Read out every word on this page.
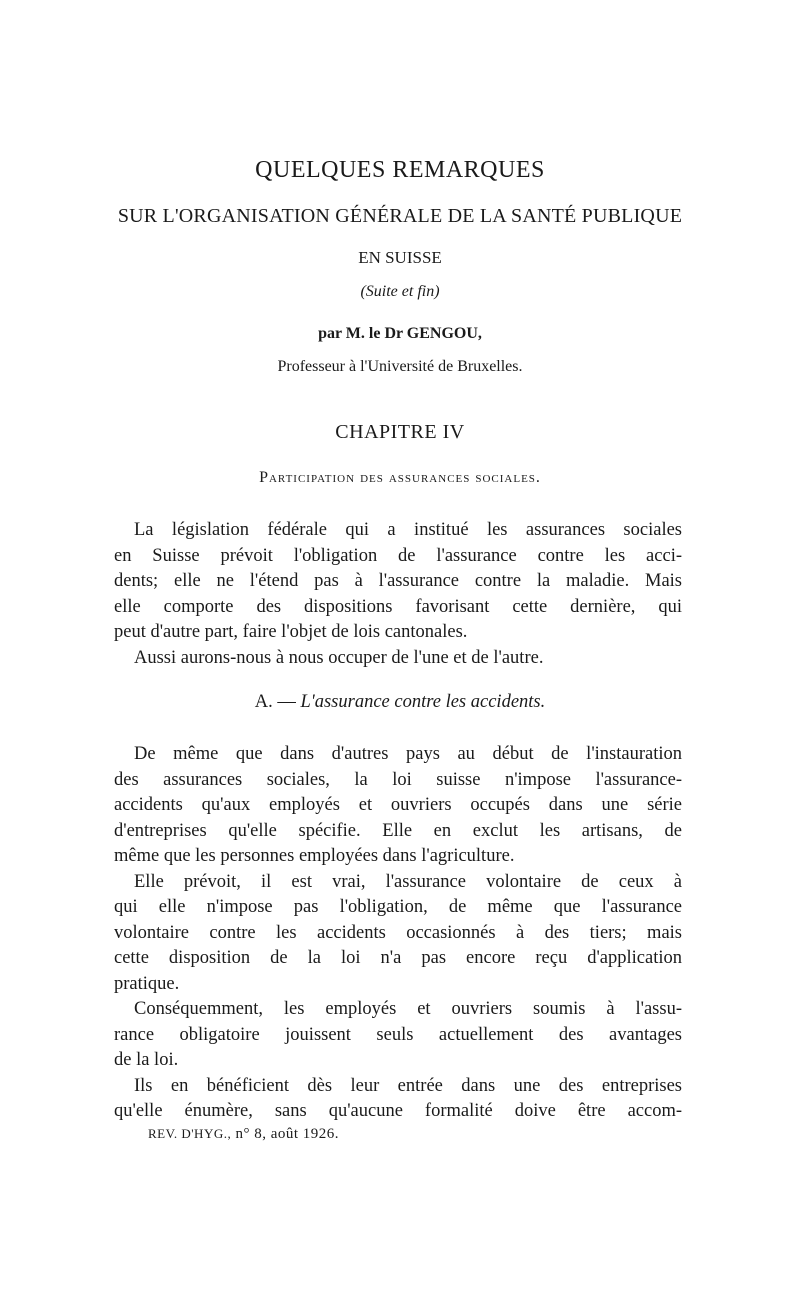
QUELQUES REMARQUES
SUR L'ORGANISATION GÉNÉRALE DE LA SANTÉ PUBLIQUE
EN SUISSE
(Suite et fin)
par M. le Dr GENGOU,
Professeur à l'Université de Bruxelles.
CHAPITRE IV
Participation des assurances sociales.
La législation fédérale qui a institué les assurances sociales
en Suisse prévoit l'obligation de l'assurance contre les acci-
dents; elle ne l'étend pas à l'assurance contre la maladie. Mais
elle comporte des dispositions favorisant cette dernière, qui
peut d'autre part, faire l'objet de lois cantonales.
Aussi aurons-nous à nous occuper de l'une et de l'autre.
A. — L'assurance contre les accidents.
De même que dans d'autres pays au début de l'instauration
des assurances sociales, la loi suisse n'impose l'assurance-
accidents qu'aux employés et ouvriers occupés dans une série
d'entreprises qu'elle spécifie. Elle en exclut les artisans, de
même que les personnes employées dans l'agriculture.
Elle prévoit, il est vrai, l'assurance volontaire de ceux à
qui elle n'impose pas l'obligation, de même que l'assurance
volontaire contre les accidents occasionnés à des tiers; mais
cette disposition de la loi n'a pas encore reçu d'application
pratique.
Conséquemment, les employés et ouvriers soumis à l'assu-
rance obligatoire jouissent seuls actuellement des avantages
de la loi.
Ils en bénéficient dès leur entrée dans une des entreprises
qu'elle énumère, sans qu'aucune formalité doive être accom-
REV. D'HYG., n° 8, août 1926.
